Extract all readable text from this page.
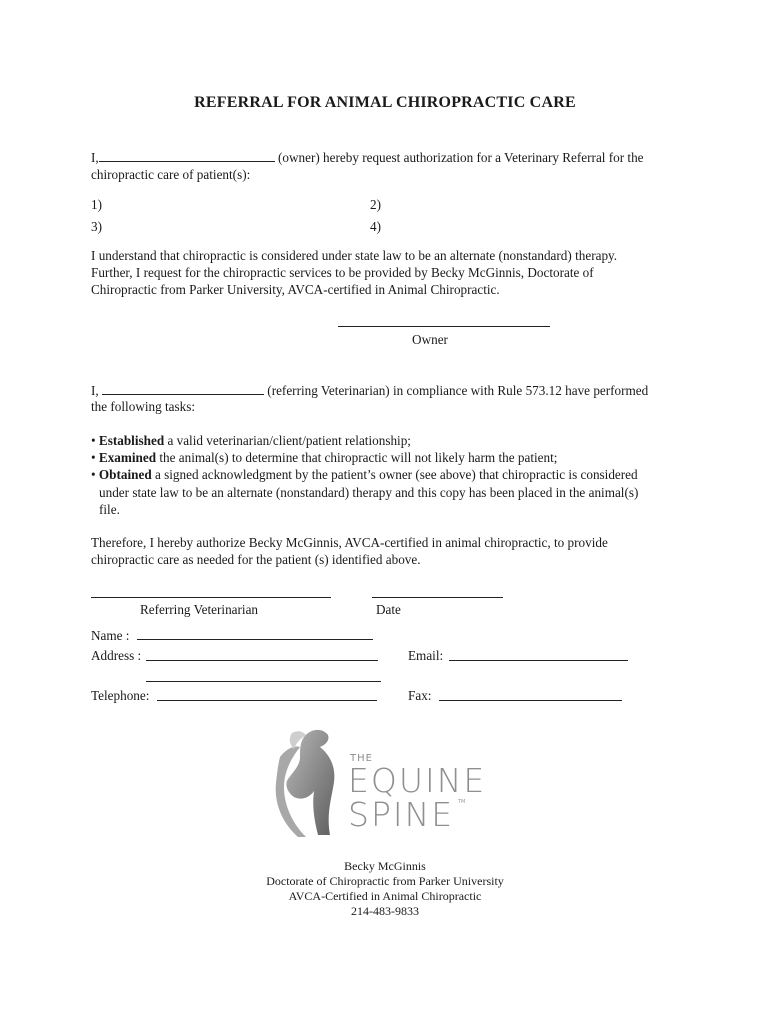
REFERRAL FOR ANIMAL CHIROPRACTIC CARE
I,	(owner) hereby request authorization for a Veterinary Referral for the
chiropractic care of patient(s):
1)	2)
3)	4)
I understand that chiropractic is considered under state law to be an alternate (nonstandard) therapy.
Further, I request for the chiropractic services to be provided by Becky McGinnis, Doctorate of
Chiropractic from Parker University, AVCA-certified in Animal Chiropractic.
Owner
I,	(referring Veterinarian) in compliance with Rule 573.12 have performed
the following tasks:
• Established a valid veterinarian/client/patient relationship;
• Examined the animal(s) to determine that chiropractic will not likely harm the patient;
• Obtained a signed acknowledgment by the patient’s owner (see above) that chiropractic is considered
under state law to be an alternate (nonstandard) therapy and this copy has been placed in the animal(s)
file.
Therefore, I hereby authorize Becky McGinnis, AVCA-certified in animal chiropractic, to provide
chiropractic care as needed for the patient (s) identified above.
Referring Veterinarian	Date
Name :
Address :	Email:
Telephone:	Fax:
THE
EQUINE
SPINE TM
Becky McGinnis
Doctorate of Chiropractic from Parker University
AVCA-Certified in Animal Chiropractic
214-483-9833
